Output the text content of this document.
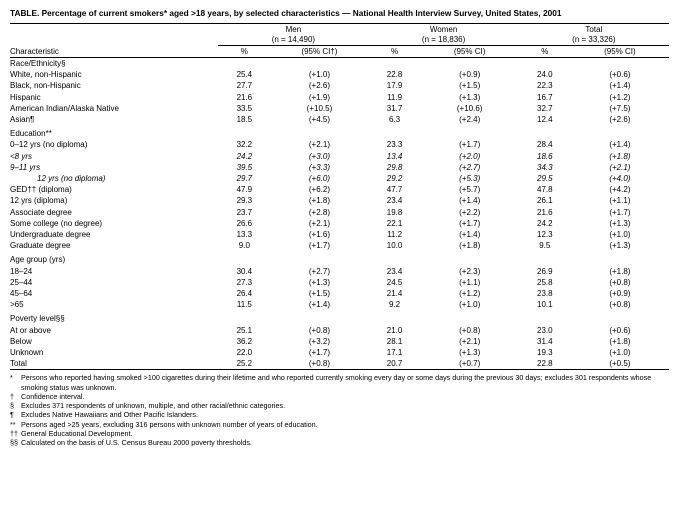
TABLE. Percentage of current smokers* aged >18 years, by selected characteristics — National Health Interview Survey, United States, 2001
	Men		Women		Total	
	(n = 14,490)		(n = 18,836)		(n = 33,326)	

Characteristic	%	(95% CI†)	%	(95% CI)	%	(95% CI)
Race/Ethnicity§						
White, non-Hispanic	25.4	(+1.0)	22.8	(+0.9)	24.0	(+0.6)
Black, non-Hispanic	27.7	(+2.6)	17.9	(+1.5)	22.3	(+1.4)
Hispanic	21.6	(+1.9)	11.9	(+1.3)	16.7	(+1.2)
American Indian/Alaska Native	33.5	(+10.5)	31.7	(+10.6)	32.7	(+7.5)
Asian¶	18.5	(+4.5)	6.3	(+2.4)	12.4	(+2.6)

Education**						
0–12 yrs (no diploma)	32.2	(+2.1)	23.3	(+1.7)	28.4	(+1.4)
<8 yrs	24.2	(+3.0)	13.4	(+2.0)	18.6	(+1.8)
9–11 yrs	39.5	(+3.3)	29.8	(+2.7)	34.3	(+2.1)
12 yrs (no diploma)	29.7	(+6.0)	29.2	(+5.3)	29.5	(+4.0)
GED†† (diploma)	47.9	(+6.2)	47.7	(+5.7)	47.8	(+4.2)
12 yrs (diploma)	29.3	(+1.8)	23.4	(+1.4)	26.1	(+1.1)
Associate degree	23.7	(+2.8)	19.8	(+2.2)	21.6	(+1.7)
Some college (no degree)	26.6	(+2.1)	22.1	(+1.7)	24.2	(+1.3)
Undergraduate degree	13.3	(+1.6)	11.2	(+1.4)	12.3	(+1.0)
Graduate degree	9.0	(+1.7)	10.0	(+1.8)	9.5	(+1.3)

Age group (yrs)						
18–24	30.4	(+2.7)	23.4	(+2.3)	26.9	(+1.8)
25–44	27.3	(+1.3)	24.5	(+1.1)	25.8	(+0.8)
45–64	26.4	(+1.5)	21.4	(+1.2)	23.8	(+0.9)
>65	11.5	(+1.4)	9.2	(+1.0)	10.1	(+0.8)

Poverty level§§						
At or above	25.1	(+0.8)	21.0	(+0.8)	23.0	(+0.6)
Below	36.2	(+3.2)	28.1	(+2.1)	31.4	(+1.8)
Unknown	22.0	(+1.7)	17.1	(+1.3)	19.3	(+1.0)
Total	25.2	(+0.8)	20.7	(+0.7)	22.8	(+0.5)
*	Persons who reported having smoked >100 cigarettes during their lifetime and who reported currently smoking every day or some days during the previous 30 days; excludes 301 respondents whose smoking status was unknown.
† Confidence interval.
§ Excludes 371 respondents of unknown, multiple, and other racial/ethnic categories.
¶ Excludes Native Hawaiians and Other Pacific Islanders.
** Persons aged >25 years, excluding 316 persons with unknown number of years of education.
†† General Educational Development.
§§ Calculated on the basis of U.S. Census Bureau 2000 poverty thresholds.
